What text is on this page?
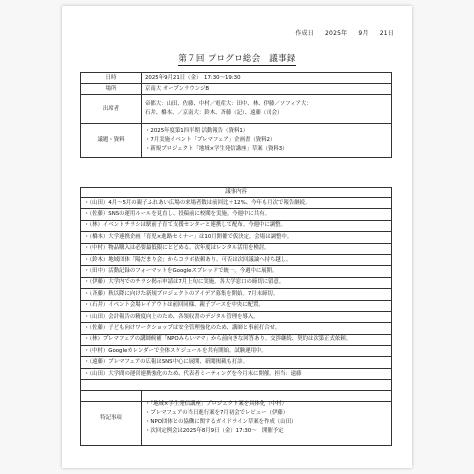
作成日 2025年 9月 21日
第７回 プログロ総会　議事録
日時	2025年9月21日（金）　17:30〜19:30
場所	京南大 オープンラウンジB
出席者	帝都大：山田、佐藤、中村／電産大：田中、林、伊藤／ソフィア大：
石井、橋本、／京南大：鈴木、斉藤（記）、遠藤（司会）

議題・資料	・ 2025年度第1四半期 活動報告（資料1）
・ 7月実施イベント「プレマフェア」企画書（資料2）
・ 新規プロジェクト「地域×学生発信講座」草案（資料3）
議事内容
・ （山田）4月〜5月の親子ふれあい広場の来場者数は前回比＋12%、今年も月次で報告継続。
・ （佐藤）SNSの運用ルールを見直し、投稿前に校閲を実施。今週中に共有。
・ （林）イベントチラシは駅前子育て支援センターと連携して配布。今週中に調整。
・ （橋本）大学連携企画「育児×進路セミナー」は10月開催で仮決定。会場は調整中。
・ （中村）物品購入は必要最低限にとどめる。次年度はレンタル活用を検討。
・ （鈴木）地域団体「陽だまり会」からコラボ依頼あり。可否は次回議論へ持ち越し。
・ （田中）活動記録のフォーマットをGoogleスプレッドで統一。今週中に展開。
・ （伊藤）大学内でのチラシ掲示申請は7月上旬に実施。各大学窓口の締切に留意。
・ （斉藤）秋以降に向けた新規プロジェクトのアイデア募集を開始。7月末締切。
・ （石井）イベント会場レイアウトは前回同様、親子ブースを中央に配置。
・ （山田）会計報告の精度向上のため、各領収書のデジタル管理を導入。
・ （佐藤）子ども向けワークショップは安全管理強化のため、講師と事前打合せ。
・ （林）プレマフェアの講師候補「NPOみらいママ」から前向きな回答あり。交渉継続、契約は次第正式依頼。
・ （中村）Googleカレンダーで全体スケジュールを共有開始。試験運用中。
・ （遠藤）プレマフェアの広報はSNS中心に展開、新聞掲載も打診。
・ （山田）大学間の運営連携強化のため、代表者ミーティングを今月末に開催。担当：遠藤

特記事項	
・ 「地域×学生発信講座」プロジェクト案を具体化（中村）
・ プレマフェアの当日進行案を7月初会でレビュー（伊藤）
・ NPO団体との協働に関するガイドライン草案を作成（山田）
・ 次回定例会は2025年8月9日（金）17:30〜　開催予定
